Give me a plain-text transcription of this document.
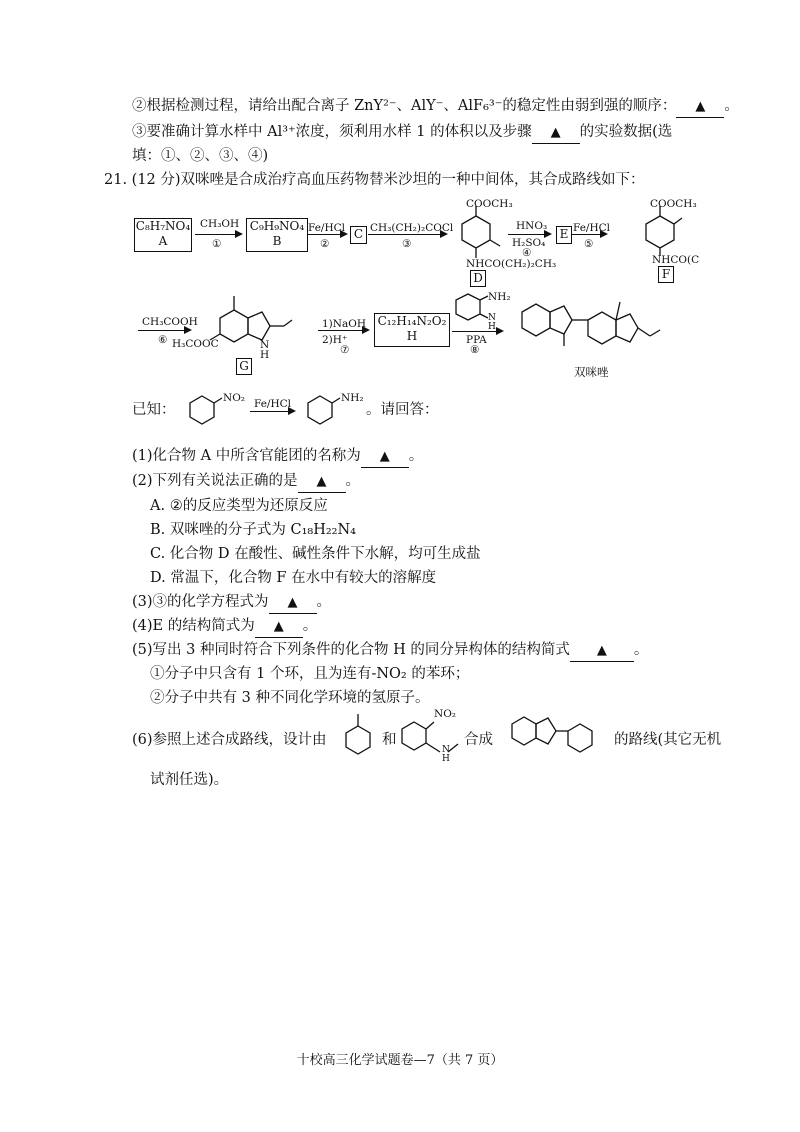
②根据检测过程，请给出配合离子 ZnY²⁻、AlY⁻、AlF₆³⁻的稳定性由弱到强的顺序： ▲ 。
③要准确计算水样中 Al³⁺浓度，须利用水样 1 的体积以及步骤 ▲ 的实验数据(选
填：①、②、③、④)
21. (12 分)双咪唑是合成治疗高血压药物替米沙坦的一种中间体，其合成路线如下：
C₈H₇NO₄
A
CH₃OH
①
C₉H₉NO₄
B
Fe/HCl
②
C CH₃(CH₂)₂COCl
③
COOCH₃
NHCO(CH₂)₂CH₃
D
HNO₃
H₂SO₄
④
E Fe/HCl
⑤
COOCH₃
NHCO(C
F
CH₃COOH
⑥ H₃COOC	N
H
G
1)NaOH
2)H⁺
⑦
C₁₂H₁₄N₂O₂
H
NH₂
N
H
PPA
⑧
双咪唑
已知：
NO₂ Fe/HCl	NH₂
。请回答：
(1)化合物 A 中所含官能团的名称为 ▲ 。
(2)下列有关说法正确的是 ▲ 。
A. ②的反应类型为还原反应
B. 双咪唑的分子式为 C₁₈H₂₂N₄
C. 化合物 D 在酸性、碱性条件下水解，均可生成盐
D. 常温下，化合物 F 在水中有较大的溶解度
(3)③的化学方程式为 ▲ 。
(4)E 的结构简式为 ▲ 。
(5)写出 3 种同时符合下列条件的化合物 H 的同分异构体的结构简式 ▲ 。
①分子中只含有 1 个环，且为连有-NO₂ 的苯环；
②分子中共有 3 种不同化学环境的氢原子。
(6)参照上述合成路线，设计由	和
NO₂
N
H
合成	的路线(其它无机
试剂任选)。
十校高三化学试题卷—7（共 7 页）
